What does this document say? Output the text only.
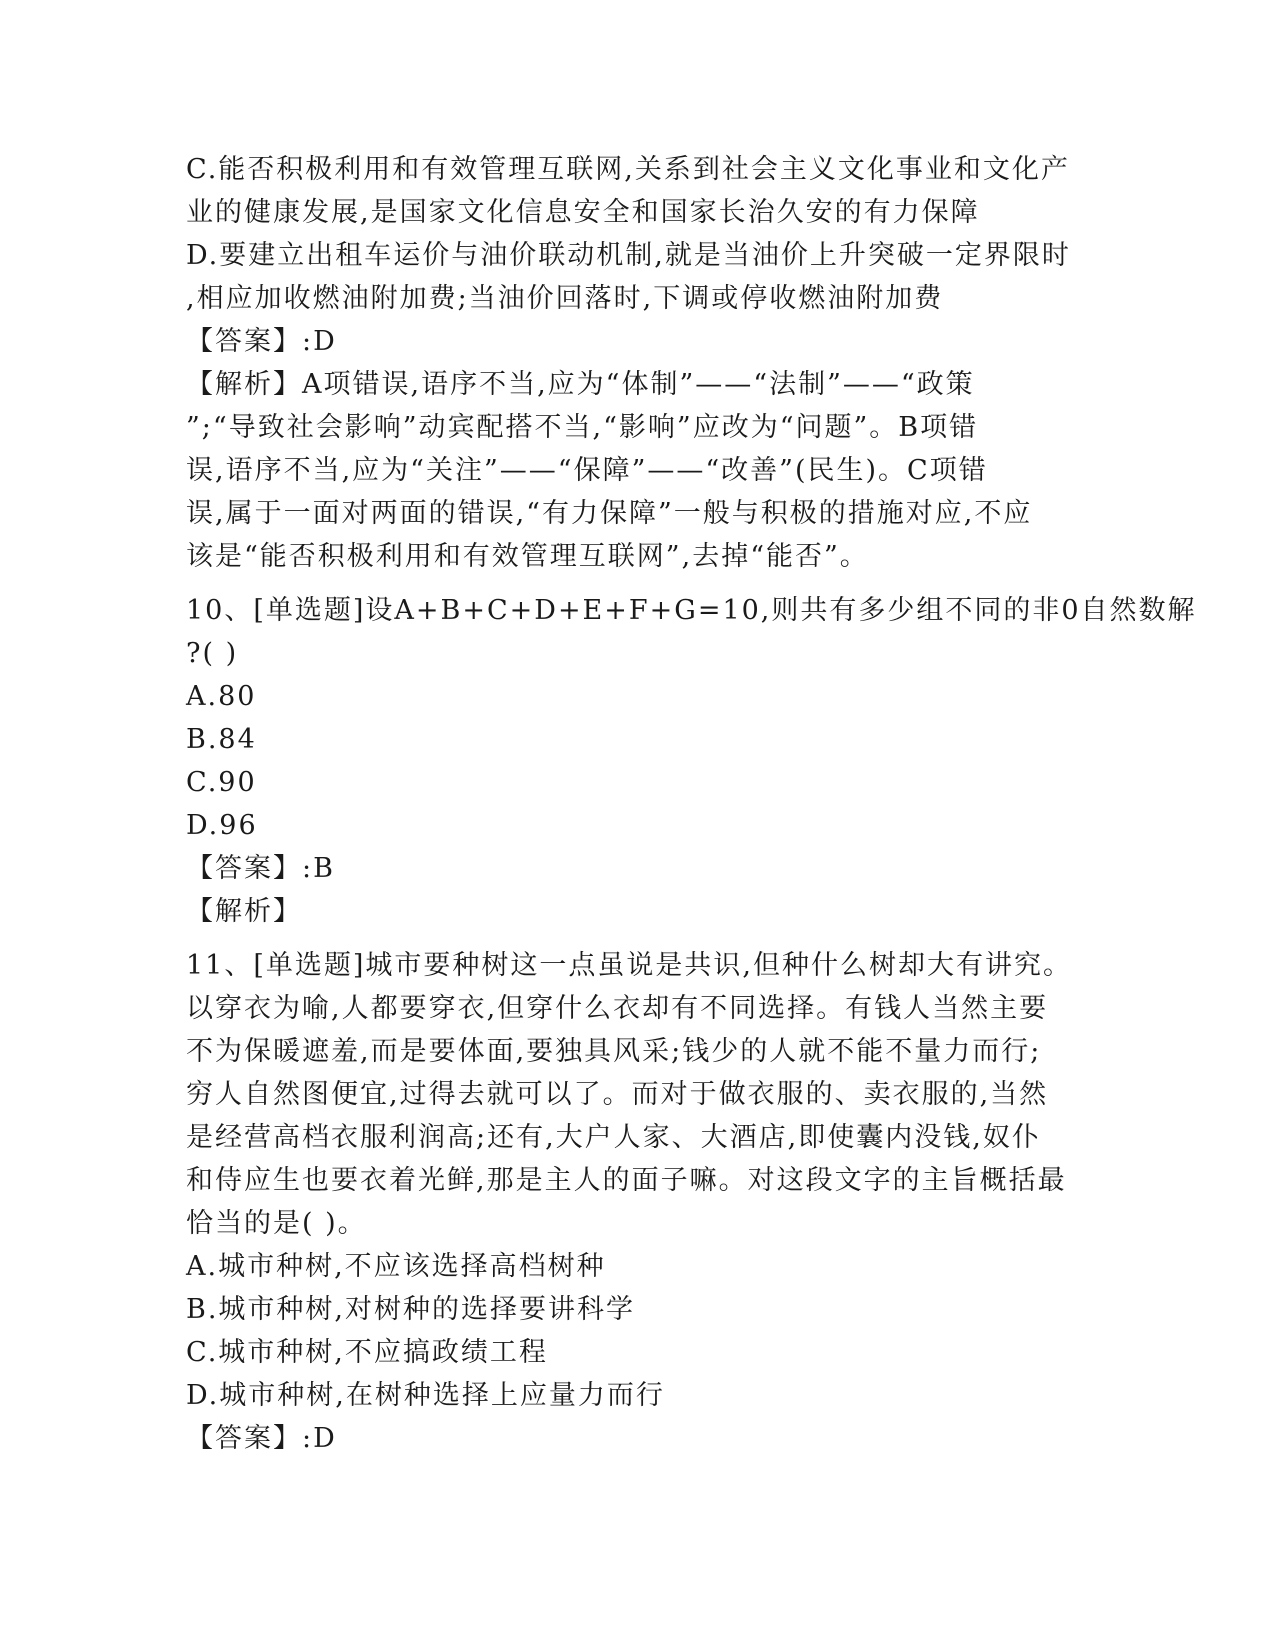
C.能否积极利用和有效管理互联网,关系到社会主义文化事业和文化产
业的健康发展,是国家文化信息安全和国家长治久安的有力保障
D.要建立出租车运价与油价联动机制,就是当油价上升突破一定界限时
,相应加收燃油附加费;当油价回落时,下调或停收燃油附加费
【答案】:D
【解析】A项错误,语序不当,应为“体制”——“法制”——“政策
”;“导致社会影响”动宾配搭不当,“影响”应改为“问题”。B项错
误,语序不当,应为“关注”——“保障”——“改善”(民生)。C项错
误,属于一面对两面的错误,“有力保障”一般与积极的措施对应,不应
该是“能否积极利用和有效管理互联网”,去掉“能否”。
10、[单选题]设A+B+C+D+E+F+G=10,则共有多少组不同的非0自然数解
?( )
A.80
B.84
C.90
D.96
【答案】:B
【解析】
11、[单选题]城市要种树这一点虽说是共识,但种什么树却大有讲究。
以穿衣为喻,人都要穿衣,但穿什么衣却有不同选择。有钱人当然主要
不为保暖遮羞,而是要体面,要独具风采;钱少的人就不能不量力而行;
穷人自然图便宜,过得去就可以了。而对于做衣服的、卖衣服的,当然
是经营高档衣服利润高;还有,大户人家、大酒店,即使囊内没钱,奴仆
和侍应生也要衣着光鲜,那是主人的面子嘛。对这段文字的主旨概括最
恰当的是( )。
A.城市种树,不应该选择高档树种
B.城市种树,对树种的选择要讲科学
C.城市种树,不应搞政绩工程
D.城市种树,在树种选择上应量力而行
【答案】:D
